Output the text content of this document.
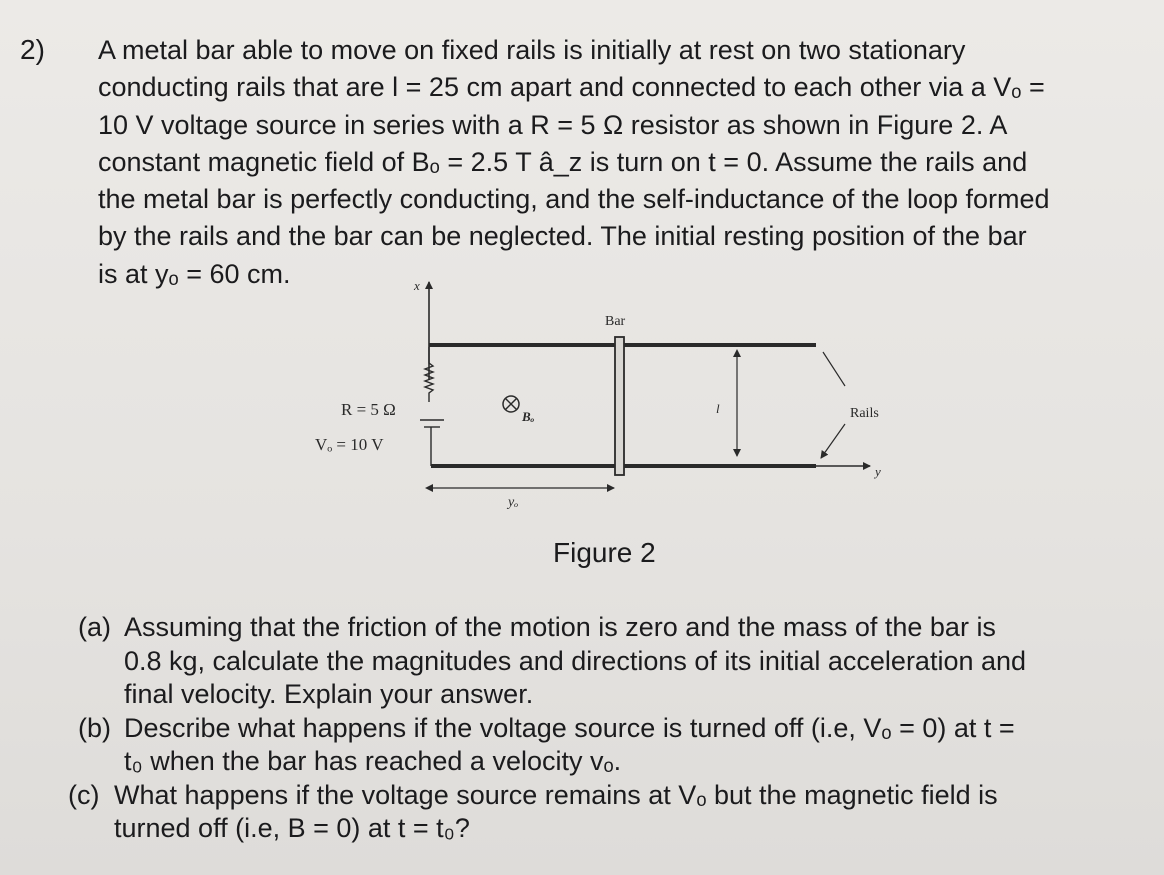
2) A metal bar able to move on fixed rails is initially at rest on two stationary
conducting rails that are l = 25 cm apart and connected to each other via a Vₒ =
10 V voltage source in series with a R = 5 Ω resistor as shown in Figure 2. A
constant magnetic field of Bₒ = 2.5 T â_z is turn on t = 0. Assume the rails and
the metal bar is perfectly conducting, and the self-inductance of the loop formed
by the rails and the bar can be neglected. The initial resting position of the bar
is at yₒ = 60 cm.	x
y
R = 5 Ω
Vₒ = 10 V
Bₒ
Bar
l
yₒ
Rails
Figure 2
(a) Assuming that the friction of the motion is zero and the mass of the bar is
0.8 kg, calculate the magnitudes and directions of its initial acceleration and
final velocity. Explain your answer.
(b) Describe what happens if the voltage source is turned off (i.e, Vₒ = 0) at t =
t₀ when the bar has reached a velocity vₒ.
(c) What happens if the voltage source remains at Vₒ but the magnetic field is
turned off (i.e, B = 0) at t = t₀?
